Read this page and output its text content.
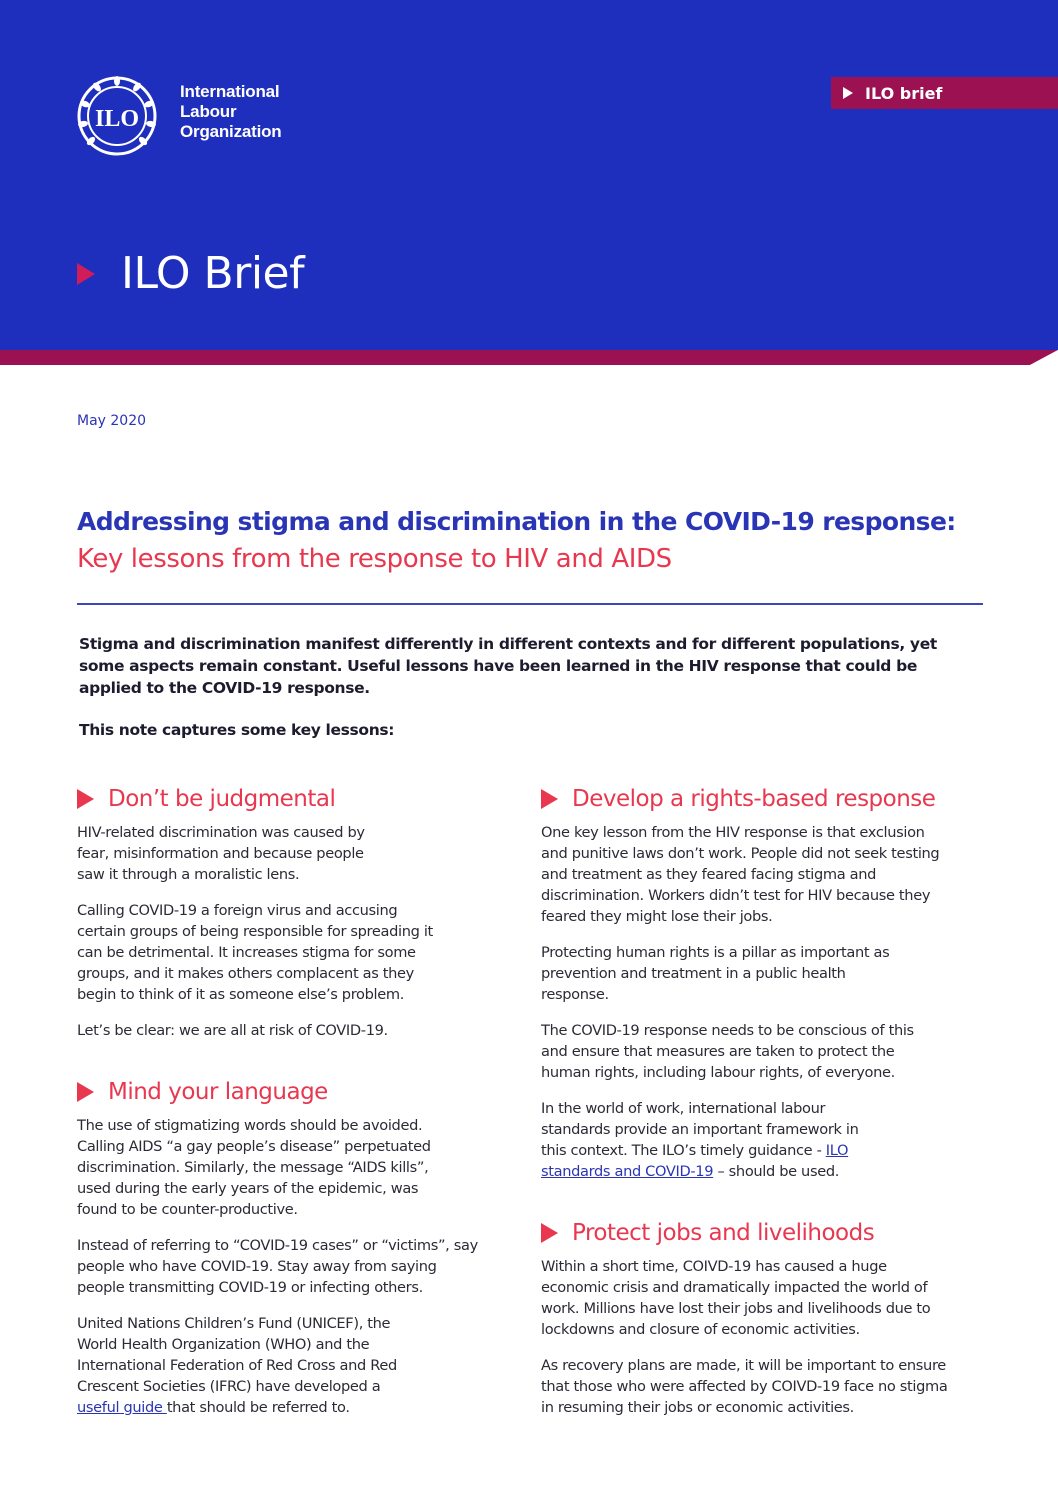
ILO
International
Labour
Organization
ILO brief
ILO Brief
May 2020
Addressing stigma and discrimination in the COVID-19 response:
Key lessons from the response to HIV and AIDS

Stigma and discrimination manifest differently in different contexts and for different populations, yet some aspects remain constant. Useful lessons have been learned in the HIV response that could be applied to the COVID-19 response.

This note captures some key lessons:

Don’t be judgmental

HIV-related discrimination was caused by fear, misinformation and because people saw it through a moralistic lens.

Calling COVID-19 a foreign virus and accusing certain groups of being responsible for spreading it can be detrimental. It increases stigma for some groups, and it makes others complacent as they begin to think of it as someone else’s problem.

Let’s be clear: we are all at risk of COVID-19.

Mind your language

The use of stigmatizing words should be avoided. Calling AIDS “a gay people’s disease” perpetuated discrimination. Similarly, the message “AIDS kills”, used during the early years of the epidemic, was found to be counter-productive.

Instead of referring to “COVID-19 cases” or “victims”, say people who have COVID-19. Stay away from saying people transmitting COVID-19 or infecting others.

United Nations Children’s Fund (UNICEF), the World Health Organization (WHO) and the International Federation of Red Cross and Red Crescent Societies (IFRC) have developed a useful guide that should be referred to.

Develop a rights-based response

One key lesson from the HIV response is that exclusion and punitive laws don’t work. People did not seek testing and treatment as they feared facing stigma and discrimination. Workers didn’t test for HIV because they feared they might lose their jobs.

Protecting human rights is a pillar as important as prevention and treatment in a public health response.

The COVID-19 response needs to be conscious of this and ensure that measures are taken to protect the human rights, including labour rights, of everyone.

In the world of work, international labour standards provide an important framework in this context. The ILO’s timely guidance - ILO standards and COVID-19 – should be used.

Protect jobs and livelihoods

Within a short time, COIVD-19 has caused a huge economic crisis and dramatically impacted the world of work. Millions have lost their jobs and livelihoods due to lockdowns and closure of economic activities.

As recovery plans are made, it will be important to ensure that those who were affected by COIVD-19 face no stigma in resuming their jobs or economic activities.
